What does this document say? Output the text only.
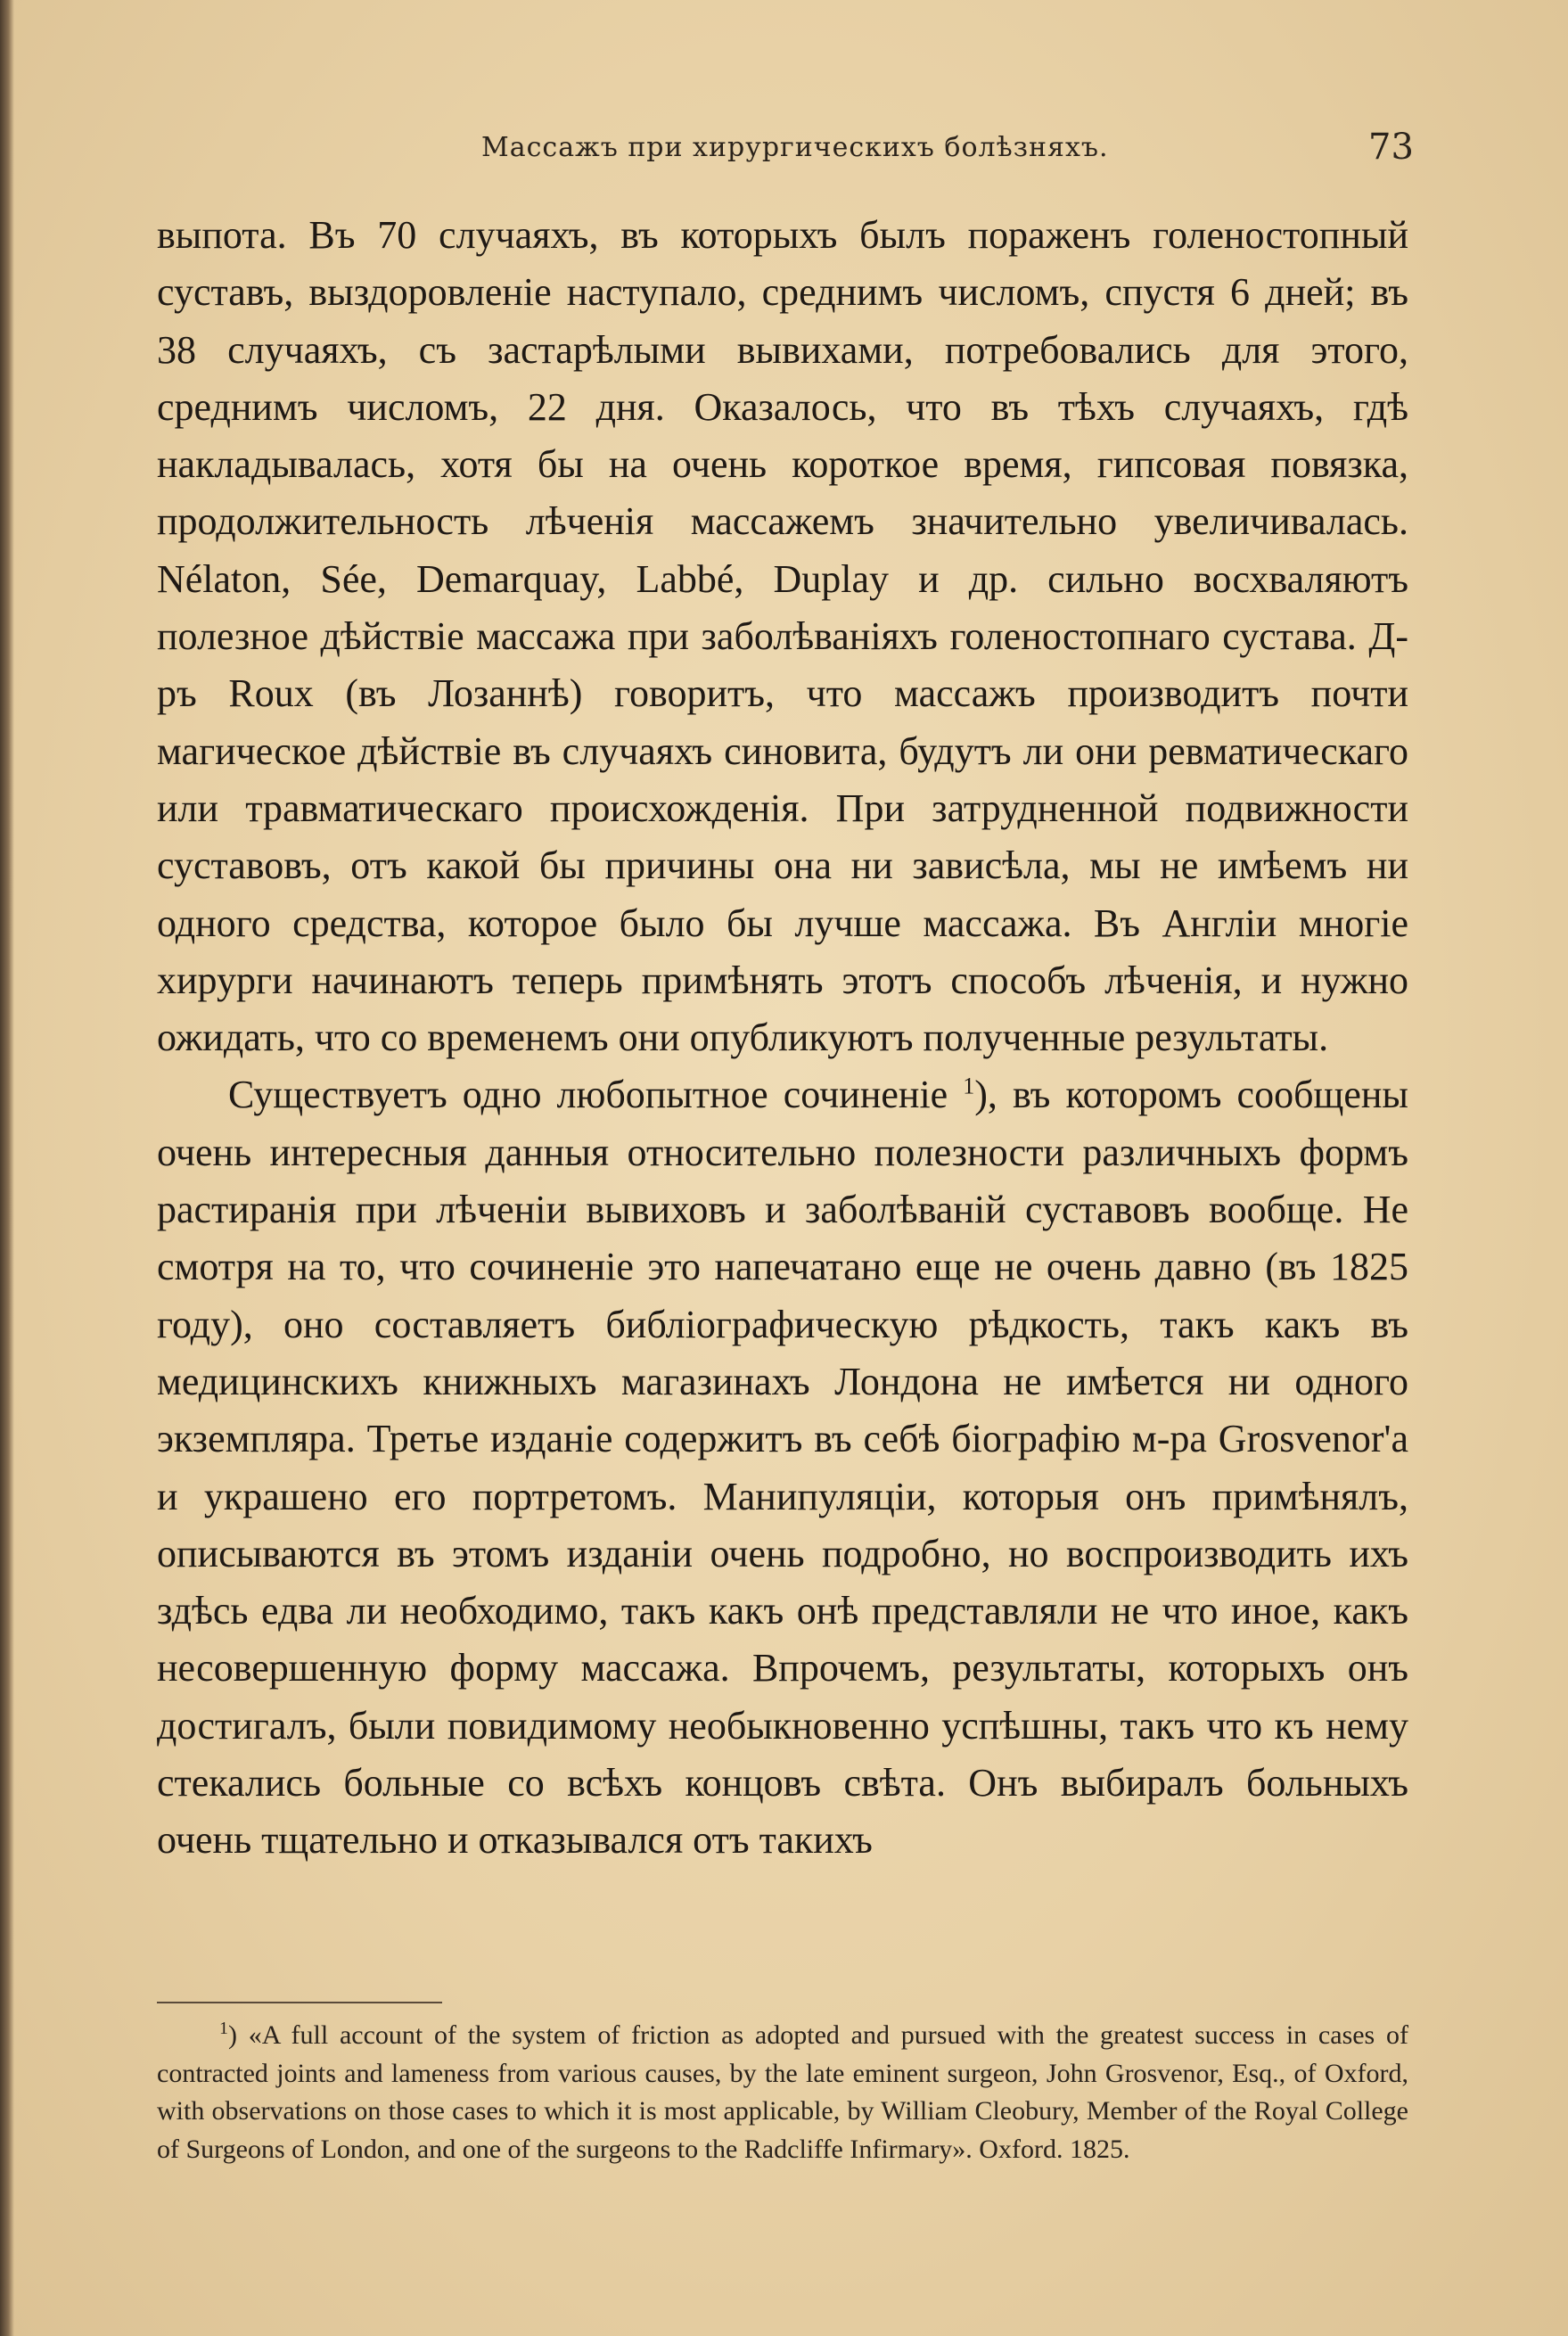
Массажъ при хирургическихъ болѣзняхъ.	73

выпота. Въ 70 случаяхъ, въ которыхъ былъ пораженъ голеностопный суставъ, выздоровленіе наступало, среднимъ числомъ, спустя 6 дней; въ 38 случаяхъ, съ застарѣлыми вывихами, потребовались для этого, среднимъ числомъ, 22 дня. Оказалось, что въ тѣхъ случаяхъ, гдѣ накладывалась, хотя бы на очень короткое время, гипсовая повязка, продолжительность лѣченія массажемъ значительно увеличивалась. Nélaton, Sée, Demarquay, Labbé, Duplay и др. сильно восхваляютъ полезное дѣйствіе массажа при заболѣваніяхъ голеностопнаго сустава. Д-ръ Roux (въ Лозаннѣ) говоритъ, что массажъ производитъ почти магическое дѣйствіе въ случаяхъ синовита, будутъ ли они ревматическаго или травматическаго происхожденія. При затрудненной подвижности суставовъ, отъ какой бы причины она ни зависѣла, мы не имѣемъ ни одного средства, которое было бы лучше массажа. Въ Англіи многіе хирурги начинаютъ теперь примѣнять этотъ способъ лѣченія, и нужно ожидать, что со временемъ они опубликуютъ полученные результаты.

Существуетъ одно любопытное сочиненіе $^1$), въ которомъ сообщены очень интересныя данныя относительно полезности различныхъ формъ растиранія при лѣченіи вывиховъ и заболѣваній суставовъ вообще. Не смотря на то, что сочиненіе это напечатано еще не очень давно (въ 1825 году), оно составляетъ библіографическую рѣдкость, такъ какъ въ медицинскихъ книжныхъ магазинахъ Лондона не имѣется ни одного экземпляра. Третье изданіе содержитъ въ себѣ біографію м-ра Grosvenor'а и украшено его портретомъ. Манипуляціи, которыя онъ примѣнялъ, описываются въ этомъ изданіи очень подробно, но воспроизводить ихъ здѣсь едва ли необходимо, такъ какъ онѣ представляли не что иное, какъ несовершенную форму массажа. Впрочемъ, результаты, которыхъ онъ достигалъ, были повидимому необыкновенно успѣшны, такъ что къ нему стекались больные со всѣхъ концовъ свѣта. Онъ выбиралъ больныхъ очень тщательно и отказывался отъ такихъ

$^1$) «A full account of the system of friction as adopted and pursued with the greatest success in cases of contracted joints and lameness from various causes, by the late eminent surgeon, John Grosvenor, Esq., of Oxford, with observations on those cases to which it is most applicable, by William Cleobury, Member of the Royal College of Surgeons of London, and one of the surgeons to the Radcliffe Infirmary». Oxford. 1825.
